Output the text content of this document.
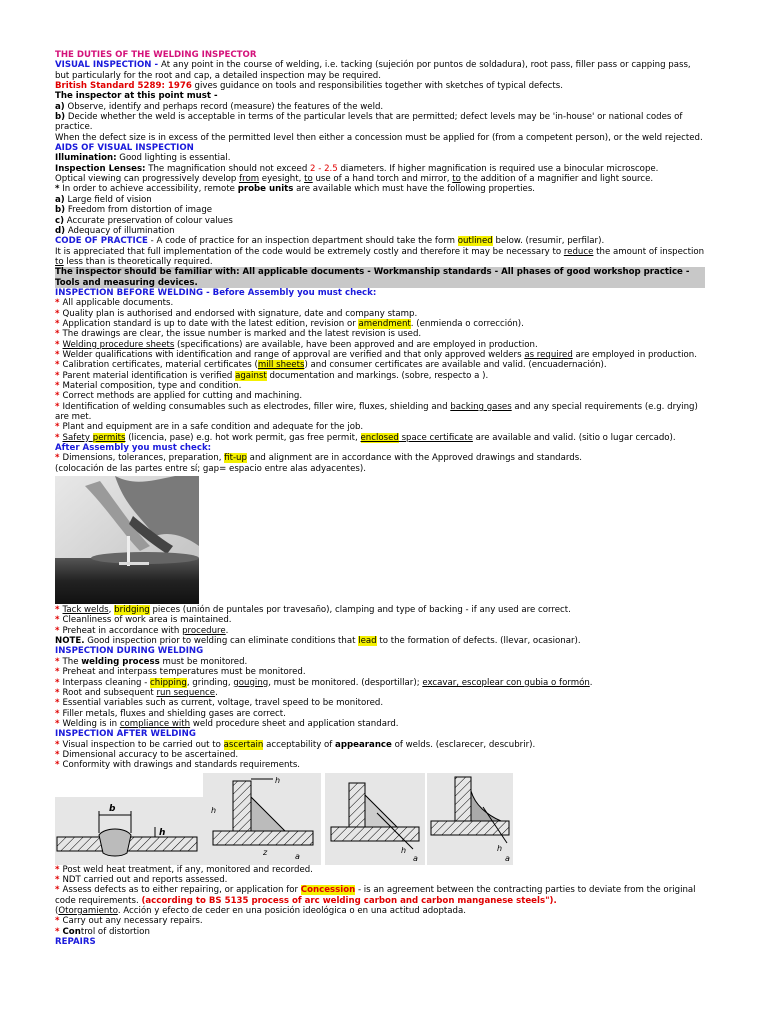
THE DUTIES OF THE WELDING INSPECTOR

VISUAL INSPECTION - At any point in the course of welding, i.e. tacking (sujeción por puntos de soldadura), root pass, filler pass or capping pass, but particularly for the root and cap, a detailed inspection may be required.

British Standard 5289: 1976 gives guidance on tools and responsibilities together with sketches of typical defects.

The inspector at this point must -

a) Observe, identify and perhaps record (measure) the features of the weld.

b) Decide whether the weld is acceptable in terms of the particular levels that are permitted; defect levels may be 'in-house' or national codes of practice.

When the defect size is in excess of the permitted level then either a concession must be applied for (from a competent person), or the weld rejected.

AIDS OF VISUAL INSPECTION

Illumination: Good lighting is essential.

Inspection Lenses: The magnification should not exceed 2 - 2.5 diameters. If higher magnification is required use a binocular microscope.

Optical viewing can progressively develop from eyesight, to use of a hand torch and mirror, to the addition of a magnifier and light source.

* In order to achieve accessibility, remote probe units are available which must have the following properties.

a) Large field of vision

b) Freedom from distortion of image

c) Accurate preservation of colour values

d) Adequacy of illumination

CODE OF PRACTICE - A code of practice for an inspection department should take the form outlined below. (resumir, perfilar).

It is appreciated that full implementation of the code would be extremely costly and therefore it may be necessary to reduce the amount of inspection to less than is theoretically required.

The inspector should be familiar with: All applicable documents - Workmanship standards - All phases of good workshop practice - Tools and measuring devices.

INSPECTION BEFORE WELDING - Before Assembly you must check:

* All applicable documents.

* Quality plan is authorised and endorsed with signature, date and company stamp.

* Application standard is up to date with the latest edition, revision or amendment. (enmienda o corrección).

* The drawings are clear, the issue number is marked and the latest revision is used.

* Welding procedure sheets (specifications) are available, have been approved and are employed in production.

* Welder qualifications with identification and range of approval are verified and that only approved welders as required are employed in production.

* Calibration certificates, material certificates (mill sheets) and consumer certificates are available and valid. (encuadernación).

* Parent material identification is verified against documentation and markings. (sobre, respecto a ).

* Material composition, type and condition.

* Correct methods are applied for cutting and machining.

* Identification of welding consumables such as electrodes, filler wire, fluxes, shielding and backing gases and any special requirements (e.g. drying) are met.

* Plant and equipment are in a safe condition and adequate for the job.

* Safety permits (licencia, pase) e.g. hot work permit, gas free permit, enclosed space certificate are available and valid. (sitio o lugar cercado).

After Assembly you must check:

* Dimensions, tolerances, preparation, fit-up and alignment are in accordance with the Approved drawings and standards.

(colocación de las partes entre sí; gap= espacio entre alas adyacentes).

* Tack welds, bridging pieces (unión de puntales por travesaño), clamping and type of backing - if any used are correct.

* Cleanliness of work area is maintained.

* Preheat in accordance with procedure.

NOTE. Good inspection prior to welding can eliminate conditions that lead to the formation of defects. (llevar, ocasionar).

INSPECTION DURING WELDING

* The welding process must be monitored.

* Preheat and interpass temperatures must be monitored.

* Interpass cleaning - chipping, grinding, gouging, must be monitored. (desportillar); excavar, escoplear con gubia o formón.

* Root and subsequent run sequence.

* Essential variables such as current, voltage, travel speed to be monitored.

* Filler metals, fluxes and shielding gases are correct.

* Welding is in compliance with weld procedure sheet and application standard.

INSPECTION AFTER WELDING

* Visual inspection to be carried out to ascertain acceptability of appearance of welds. (esclarecer, descubrir).

* Dimensional accuracy to be ascertained.

* Conformity with drawings and standards requirements.

b
h
h
h
z	a
h
a
h
a

* Post weld heat treatment, if any, monitored and recorded.

* NDT carried out and reports assessed.

* Assess defects as to either repairing, or application for Concession - is an agreement between the contracting parties to deviate from the original code requirements. (according to BS 5135 process of arc welding carbon and carbon manganese steels").

(Otorgamiento. Acción y efecto de ceder en una posición ideológica o en una actitud adoptada.

* Carry out any necessary repairs.

* Control of distortion

REPAIRS
